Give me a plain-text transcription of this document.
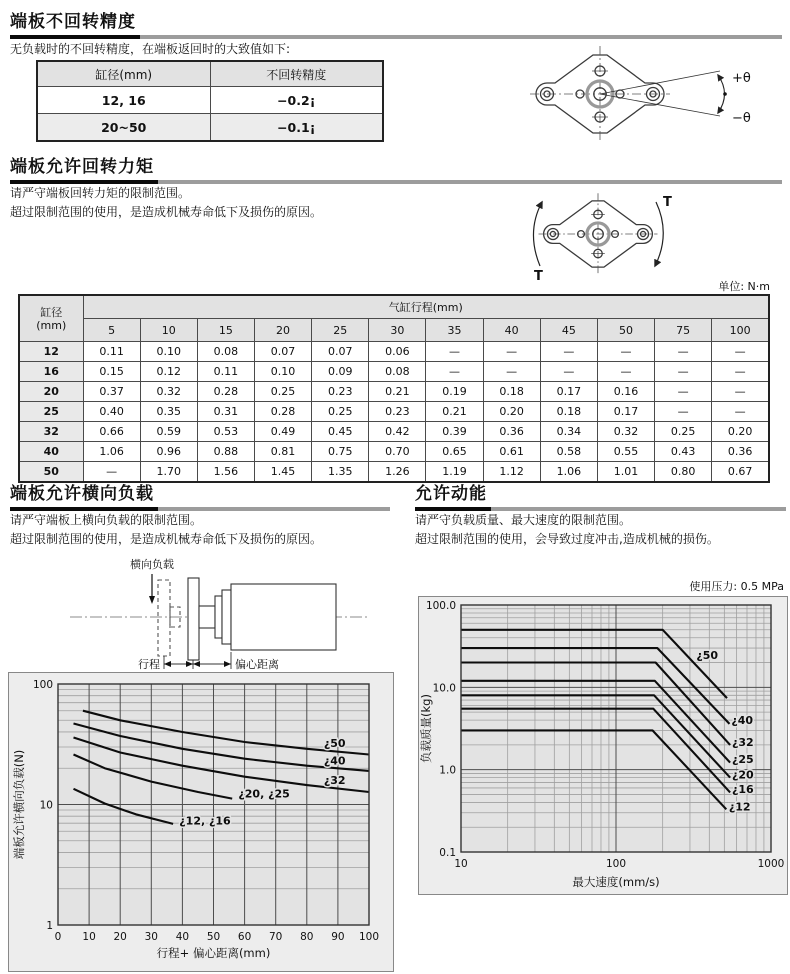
端板不回转精度
无负载时的不回转精度，在端板返回时的大致值如下:
缸径(mm)	不回转精度
12, 16	−0.2¡
20~50	−0.1¡
+θ
−θ
端板允许回转力矩
请严守端板回转力矩的限制范围。
超过限制范围的使用，是造成机械寿命低下及损伤的原因。
T
T
单位: N·m
缸径
(mm)	气缸行程(mm)											
	5	10	15	20	25	30	35	40	45	50	75	100
12	0.11	0.10	0.08	0.07	0.07	0.06	—	—	—	—	—	—
16	0.15	0.12	0.11	0.10	0.09	0.08	—	—	—	—	—	—
20	0.37	0.32	0.28	0.25	0.23	0.21	0.19	0.18	0.17	0.16	—	—
25	0.40	0.35	0.31	0.28	0.25	0.23	0.21	0.20	0.18	0.17	—	—
32	0.66	0.59	0.53	0.49	0.45	0.42	0.39	0.36	0.34	0.32	0.25	0.20
40	1.06	0.96	0.88	0.81	0.75	0.70	0.65	0.61	0.58	0.55	0.43	0.36
50	—	1.70	1.56	1.45	1.35	1.26	1.19	1.12	1.06	1.01	0.80	0.67
端板允许横向负载
请严守端板上横向负载的限制范围。
超过限制范围的使用，是造成机械寿命低下及损伤的原因。
横向负载
行程	偏心距离
¿50
¿40
¿32
¿20, ¿25
¿12, ¿16
0 10 20 30 40 50 60 70 80 90 100
100
10
1
行程+ 偏心距离(mm)
端板允许横向负载(N)
允许动能
请严守负载质量、最大速度的限制范围。
超过限制范围的使用，会导致过度冲击,造成机械的损伤。
使用压力: 0.5 MPa
¿50
¿40
¿32
¿25
¿20
¿16
¿12
10	100	1000
100.0
10.0
1.0
0.1
最大速度(mm/s)
负载质量(kg)
